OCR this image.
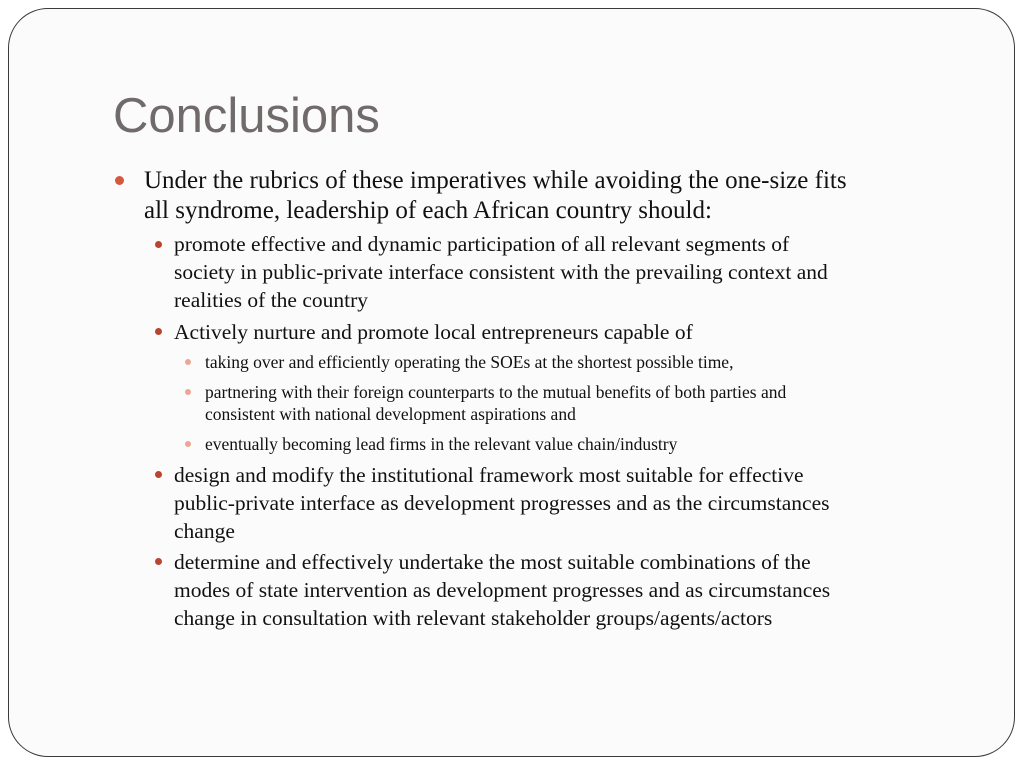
Conclusions
Under the rubrics of these imperatives while avoiding the one-size fits
all syndrome, leadership of each African country should:
promote effective and dynamic participation of all relevant segments of
society in public-private interface consistent with the prevailing context and
realities of the country
Actively nurture and promote local entrepreneurs capable of
taking over and efficiently operating the SOEs at the shortest possible time,
partnering with their foreign counterparts to the mutual benefits of both parties and
consistent with national development aspirations and
eventually becoming lead firms in the relevant value chain/industry
design and modify the institutional framework most suitable for effective
public-private interface as development progresses and as the circumstances
change
determine and effectively undertake the most suitable combinations of the
modes of state intervention as development progresses and as circumstances
change in consultation with relevant stakeholder groups/agents/actors
